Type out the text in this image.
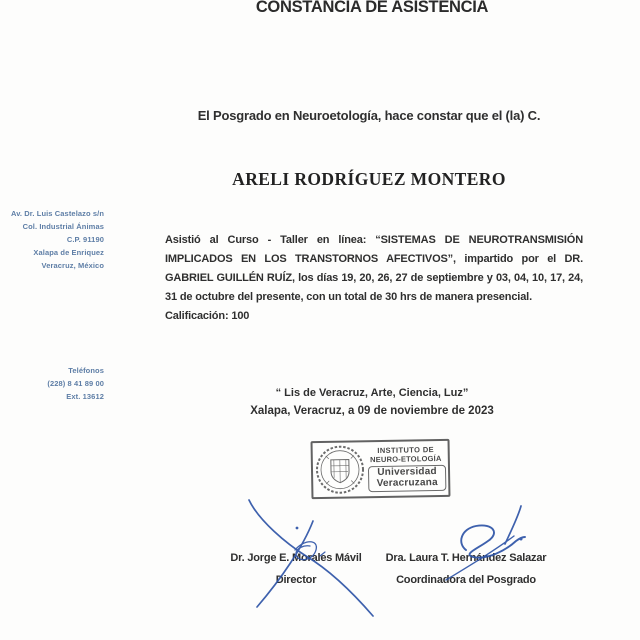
CONSTANCIA DE ASISTENCIA
Av. Dr. Luis Castelazo s/n
Col. Industrial Ánimas
C.P. 91190
Xalapa de Enriquez
Veracruz, México
Teléfonos
(228) 8 41 89 00
Ext. 13612
El Posgrado en Neuroetología, hace constar que el (la) C.
ARELI RODRÍGUEZ MONTERO

Asistió al Curso - Taller en línea: “SISTEMAS DE NEUROTRANSMISIÓN IMPLICADOS EN LOS TRANSTORNOS AFECTIVOS”, impartido por el DR. GABRIEL GUILLÉN RUÍZ, los días 19, 20, 26, 27 de septiembre y 03, 04, 10, 17, 24, 31 de octubre del presente, con un total de 30 hrs de manera presencial.

Calificación: 100
“ Lis de Veracruz, Arte, Ciencia, Luz”
Xalapa, Veracruz, a 09 de noviembre de 2023
INSTITUTO DE
NEURO-ETOLOGÍA
Universidad
Veracruzana
Dr. Jorge E. Morales Mávil
Director
Dra. Laura T. Hernández Salazar
Coordinadora del Posgrado
